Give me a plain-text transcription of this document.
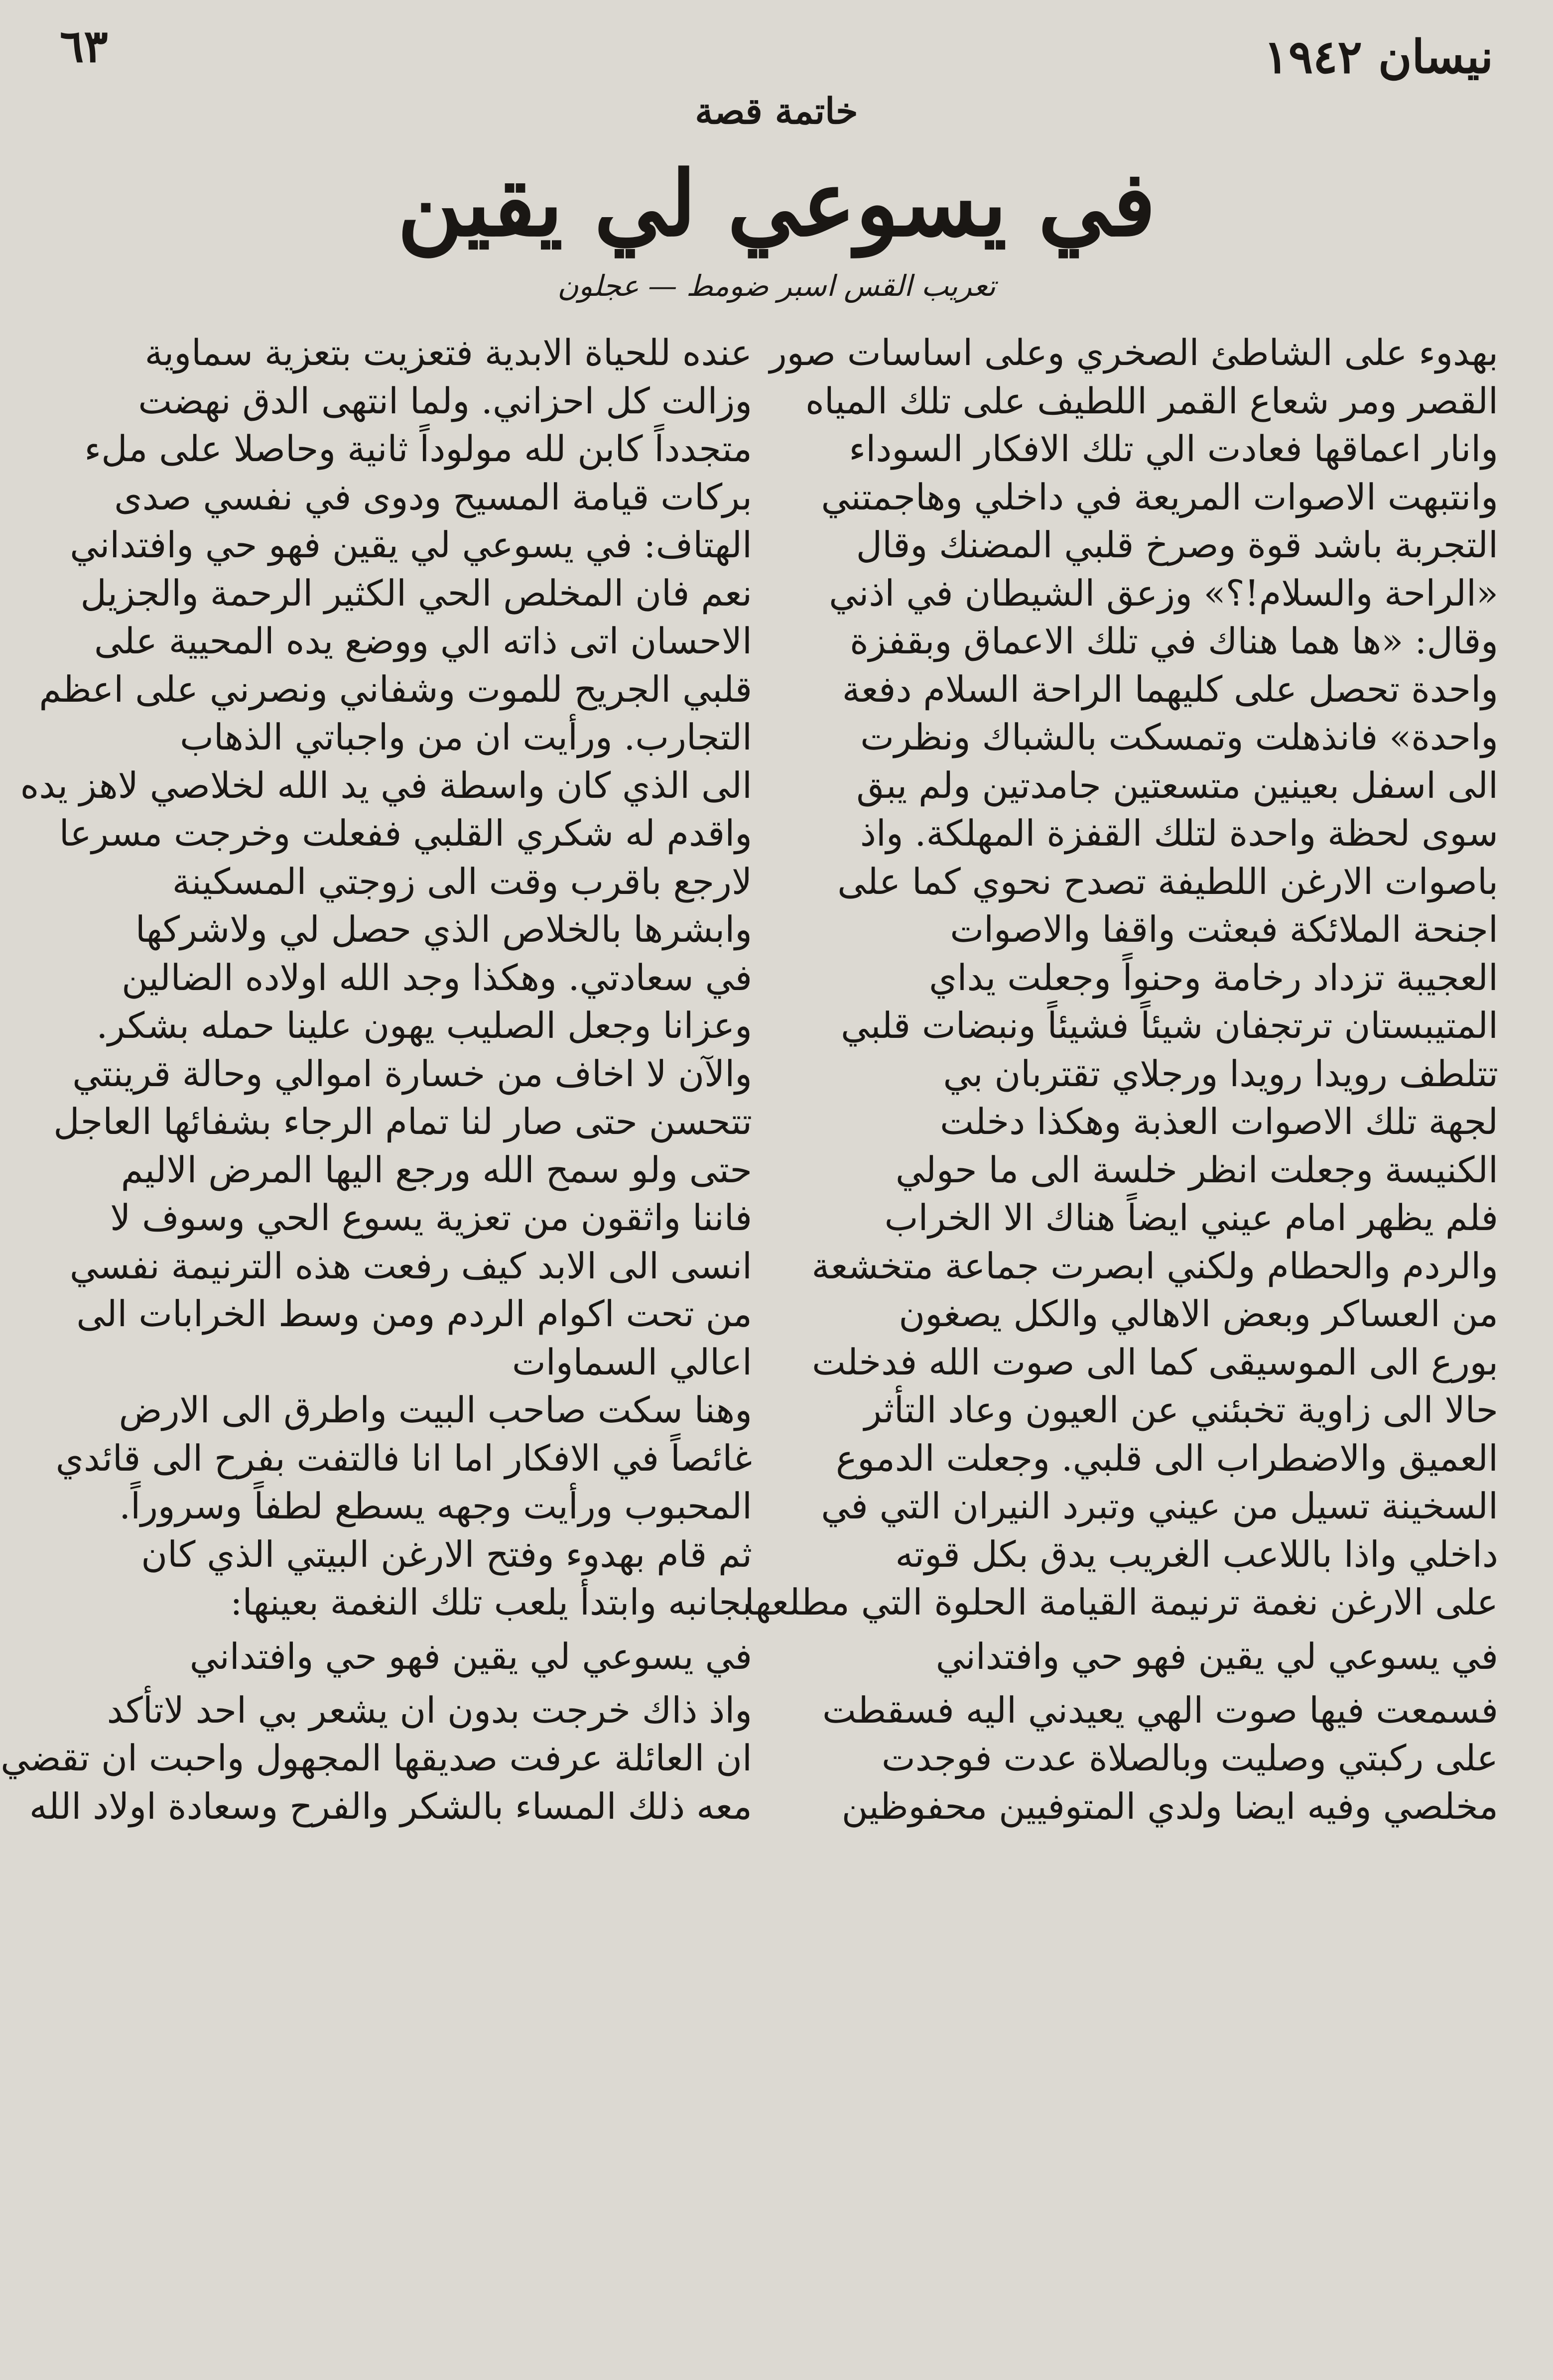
٦٣	نيسان ١٩٤٢
خاتمة قصة
في يسوعي لي يقين
تعريب القس اسبر ضومط — عجلون
بهدوء على الشاطئ الصخري وعلى اساسات صور
القصر ومر شعاع القمر اللطيف على تلك المياه
وانار اعماقها فعادت الي تلك الافكار السوداء
وانتبهت الاصوات المريعة في داخلي وهاجمتني
التجربة باشد قوة وصرخ قلبي المضنك وقال
«الراحة والسلام!؟» وزعق الشيطان في اذني
وقال: «ها هما هناك في تلك الاعماق وبقفزة
واحدة تحصل على كليهما الراحة السلام دفعة
واحدة» فانذهلت وتمسكت بالشباك ونظرت
الى اسفل بعينين متسعتين جامدتين ولم يبق
سوى لحظة واحدة لتلك القفزة المهلكة. واذ
باصوات الارغن اللطيفة تصدح نحوي كما على
اجنحة الملائكة فبعثت واقفا والاصوات
العجيبة تزداد رخامة وحنواً وجعلت يداي
المتيبستان ترتجفان شيئاً فشيئاً ونبضات قلبي
تتلطف رويدا رويدا ورجلاي تقتربان بي
لجهة تلك الاصوات العذبة وهكذا دخلت
الكنيسة وجعلت انظر خلسة الى ما حولي
فلم يظهر امام عيني ايضاً هناك الا الخراب
والردم والحطام ولكني ابصرت جماعة متخشعة
من العساكر وبعض الاهالي والكل يصغون
بورع الى الموسيقى كما الى صوت الله فدخلت
حالا الى زاوية تخبئني عن العيون وعاد التأثر
العميق والاضطراب الى قلبي. وجعلت الدموع
السخينة تسيل من عيني وتبرد النيران التي في
داخلي واذا باللاعب الغريب يدق بكل قوته
على الارغن نغمة ترنيمة القيامة الحلوة التي مطلعها
في يسوعي لي يقين فهو حي وافتداني
فسمعت فيها صوت الهي يعيدني اليه فسقطت
على ركبتي وصليت وبالصلاة عدت فوجدت
مخلصي وفيه ايضا ولدي المتوفيين محفوظين
عنده للحياة الابدية فتعزيت بتعزية سماوية
وزالت كل احزاني. ولما انتهى الدق نهضت
متجدداً كابن لله مولوداً ثانية وحاصلا على ملء
بركات قيامة المسيح ودوى في نفسي صدى
الهتاف: في يسوعي لي يقين فهو حي وافتداني
نعم فان المخلص الحي الكثير الرحمة والجزيل
الاحسان اتى ذاته الي ووضع يده المحيية على
قلبي الجريح للموت وشفاني ونصرني على اعظم
التجارب. ورأيت ان من واجباتي الذهاب
الى الذي كان واسطة في يد الله لخلاصي لاهز يده
واقدم له شكري القلبي ففعلت وخرجت مسرعا
لارجع باقرب وقت الى زوجتي المسكينة
وابشرها بالخلاص الذي حصل لي ولاشركها
في سعادتي. وهكذا وجد الله اولاده الضالين
وعزانا وجعل الصليب يهون علينا حمله بشكر.
والآن لا اخاف من خسارة اموالي وحالة قرينتي
تتحسن حتى صار لنا تمام الرجاء بشفائها العاجل
حتى ولو سمح الله ورجع اليها المرض الاليم
فاننا واثقون من تعزية يسوع الحي وسوف لا
انسى الى الابد كيف رفعت هذه الترنيمة نفسي
من تحت اكوام الردم ومن وسط الخرابات الى
اعالي السماوات
وهنا سكت صاحب البيت واطرق الى الارض
غائصاً في الافكار اما انا فالتفت بفرح الى قائدي
المحبوب ورأيت وجهه يسطع لطفاً وسروراً.
ثم قام بهدوء وفتح الارغن البيتي الذي كان
بجانبه وابتدأ يلعب تلك النغمة بعينها:
في يسوعي لي يقين فهو حي وافتداني
واذ ذاك خرجت بدون ان يشعر بي احد لاتأكد
ان العائلة عرفت صديقها المجهول واحبت ان تقضي
معه ذلك المساء بالشكر والفرح وسعادة اولاد الله
